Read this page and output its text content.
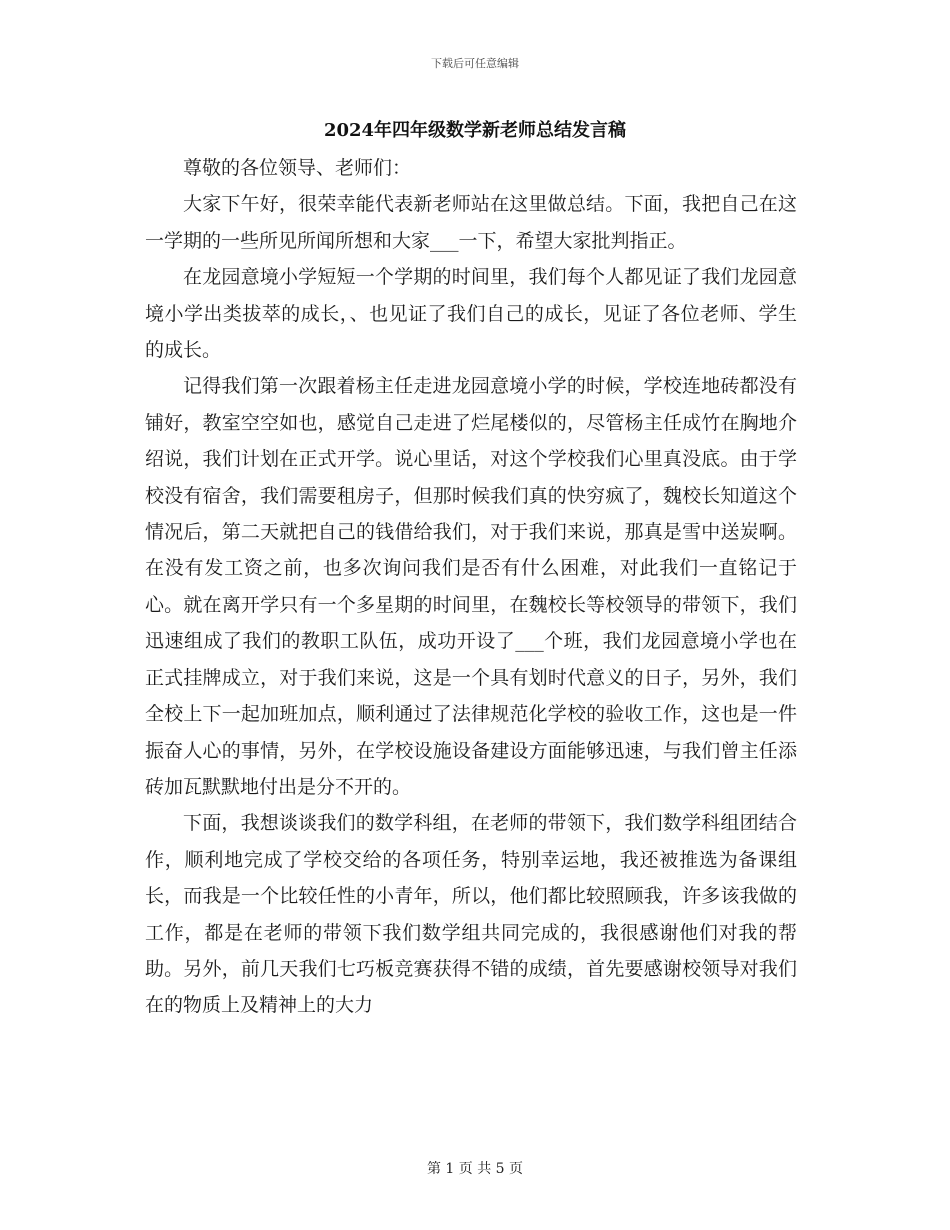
下载后可任意编辑
2024年四年级数学新老师总结发言稿

尊敬的各位领导、老师们：

大家下午好，很荣幸能代表新老师站在这里做总结。下面，我把自己在这一学期的一些所见所闻所想和大家___一下，希望大家批判指正。

在龙园意境小学短短一个学期的时间里，我们每个人都见证了我们龙园意境小学出类拔萃的成长，、也见证了我们自己的成长，见证了各位老师、学生的成长。

记得我们第一次跟着杨主任走进龙园意境小学的时候，学校连地砖都没有铺好，教室空空如也，感觉自己走进了烂尾楼似的，尽管杨主任成竹在胸地介绍说，我们计划在正式开学。说心里话，对这个学校我们心里真没底。由于学校没有宿舍，我们需要租房子，但那时候我们真的快穷疯了，魏校长知道这个情况后，第二天就把自己的钱借给我们，对于我们来说，那真是雪中送炭啊。在没有发工资之前，也多次询问我们是否有什么困难，对此我们一直铭记于心。就在离开学只有一个多星期的时间里，在魏校长等校领导的带领下，我们迅速组成了我们的教职工队伍，成功开设了___个班，我们龙园意境小学也在正式挂牌成立，对于我们来说，这是一个具有划时代意义的日子，另外，我们全校上下一起加班加点，顺利通过了法律规范化学校的验收工作，这也是一件振奋人心的事情，另外，在学校设施设备建设方面能够迅速，与我们曾主任添砖加瓦默默地付出是分不开的。

下面，我想谈谈我们的数学科组，在老师的带领下，我们数学科组团结合作，顺利地完成了学校交给的各项任务，特别幸运地，我还被推选为备课组长，而我是一个比较任性的小青年，所以，他们都比较照顾我，许多该我做的工作，都是在老师的带领下我们数学组共同完成的，我很感谢他们对我的帮助。另外，前几天我们七巧板竞赛获得不错的成绩，首先要感谢校领导对我们在的物质上及精神上的大力

第 1 页 共 5 页
